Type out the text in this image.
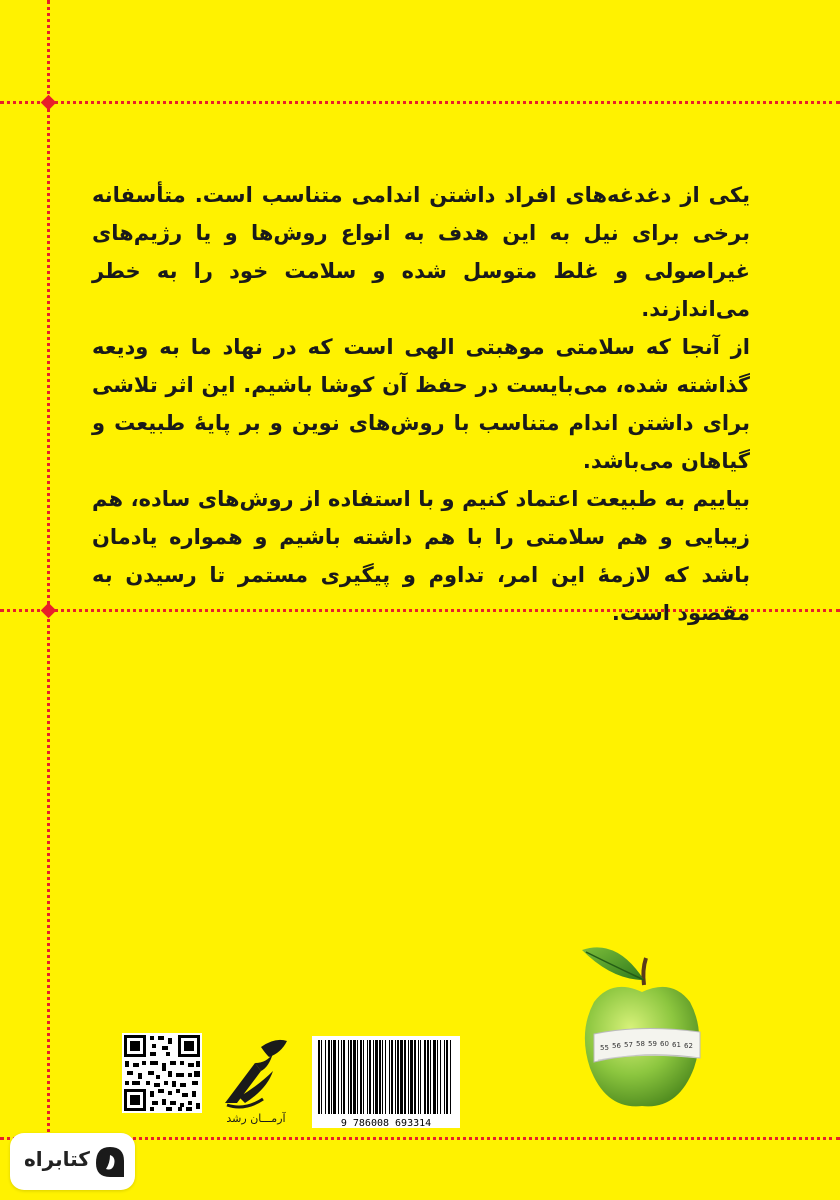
یکی از دغدغه‌های افراد داشتن اندامی متناسب است. متأسفانه برخی برای نیل به این هدف به انواع روش‌ها و یا رژیم‌های غیراصولی و غلط متوسل شده و سلامت خود را به خطر می‌اندازند.

از آنجا که سلامتی موهبتی الهی است که در نهاد ما به ودیعه گذاشته شده، می‌بایست در حفظ آن کوشا باشیم. این اثر تلاشی برای داشتن اندام متناسب با روش‌های نوین و بر پایهٔ طبیعت و گیاهان می‌باشد.

بیاییم به طبیعت اعتماد کنیم و با استفاده از روش‌های ساده، هم زیبایی و هم سلامتی را با هم داشته باشیم و همواره یادمان باشد که لازمهٔ این امر، تداوم و پیگیری مستمر تا رسیدن به مقصود است.

آرمـــان رشد	9 786008 693314
55 56 57 58 59 60 61 62
کتابراه
